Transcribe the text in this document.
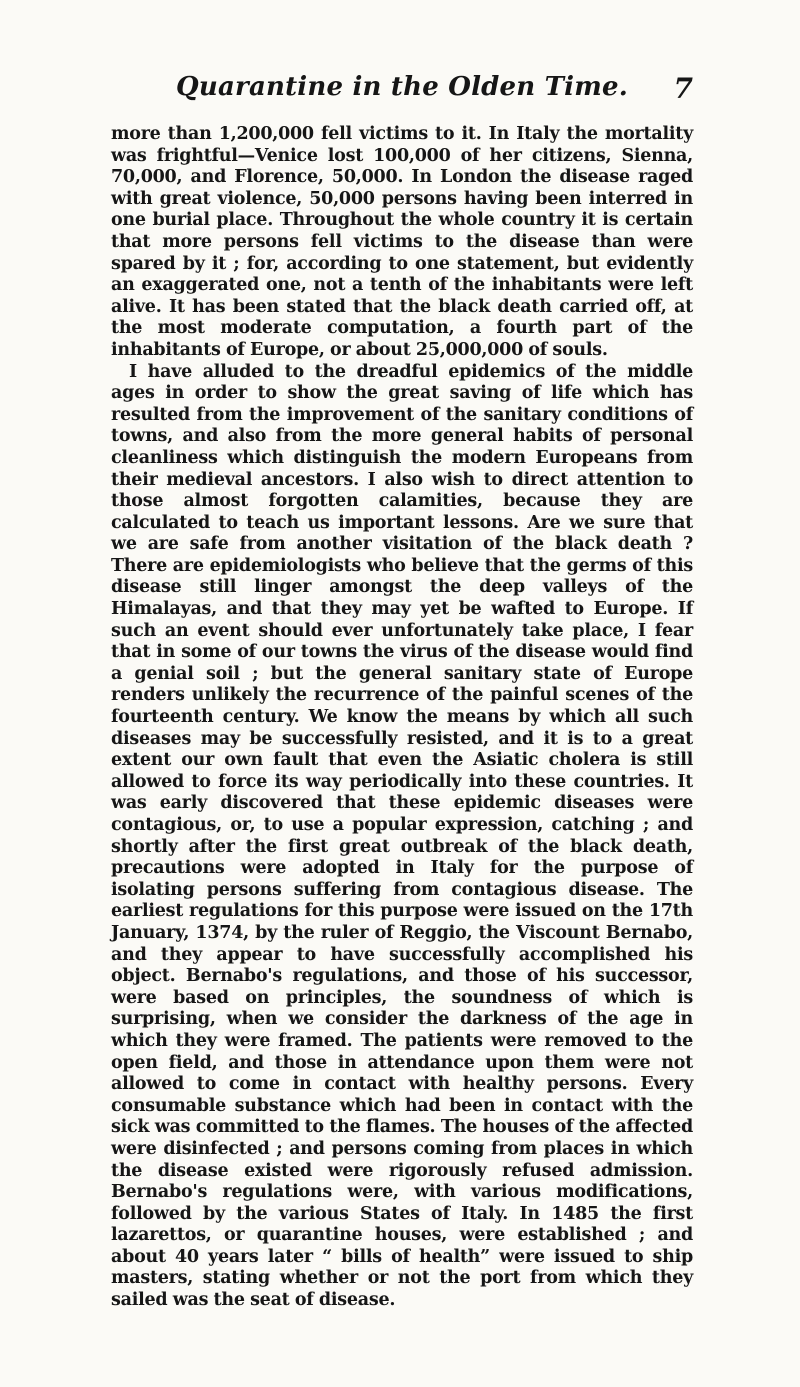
Quarantine in the Olden Time.	7

more than 1,200,000 fell victims to it. In Italy the mortality was frightful—Venice lost 100,000 of her citizens, Sienna, 70,000, and Florence, 50,000. In London the disease raged with great violence, 50,000 persons having been interred in one burial place. Throughout the whole country it is certain that more persons fell victims to the disease than were spared by it ; for, according to one statement, but evidently an exaggerated one, not a tenth of the inhabitants were left alive. It has been stated that the black death carried off, at the most moderate computation, a fourth part of the inhabitants of Europe, or about 25,000,000 of souls.

I have alluded to the dreadful epidemics of the middle ages in order to show the great saving of life which has resulted from the improvement of the sanitary conditions of towns, and also from the more general habits of personal cleanliness which distinguish the modern Europeans from their medieval ancestors. I also wish to direct attention to those almost forgotten calamities, because they are calculated to teach us important lessons. Are we sure that we are safe from another visitation of the black death ? There are epidemiologists who believe that the germs of this disease still linger amongst the deep valleys of the Himalayas, and that they may yet be wafted to Europe. If such an event should ever unfortunately take place, I fear that in some of our towns the virus of the disease would find a genial soil ; but the general sanitary state of Europe renders unlikely the recurrence of the painful scenes of the fourteenth century. We know the means by which all such diseases may be successfully resisted, and it is to a great extent our own fault that even the Asiatic cholera is still allowed to force its way periodically into these countries. It was early discovered that these epidemic diseases were contagious, or, to use a popular expression, catching ; and shortly after the first great outbreak of the black death, precautions were adopted in Italy for the purpose of isolating persons suffering from contagious disease. The earliest regulations for this purpose were issued on the 17th January, 1374, by the ruler of Reggio, the Viscount Bernabo, and they appear to have successfully accomplished his object. Bernabo's regulations, and those of his successor, were based on principles, the soundness of which is surprising, when we consider the darkness of the age in which they were framed. The patients were removed to the open field, and those in attendance upon them were not allowed to come in contact with healthy persons. Every consumable substance which had been in contact with the sick was committed to the flames. The houses of the affected were disinfected ; and persons coming from places in which the disease existed were rigorously refused admission. Bernabo's regulations were, with various modifications, followed by the various States of Italy. In 1485 the first lazarettos, or quarantine houses, were established ; and about 40 years later “ bills of health” were issued to ship masters, stating whether or not the port from which they sailed was the seat of disease.
